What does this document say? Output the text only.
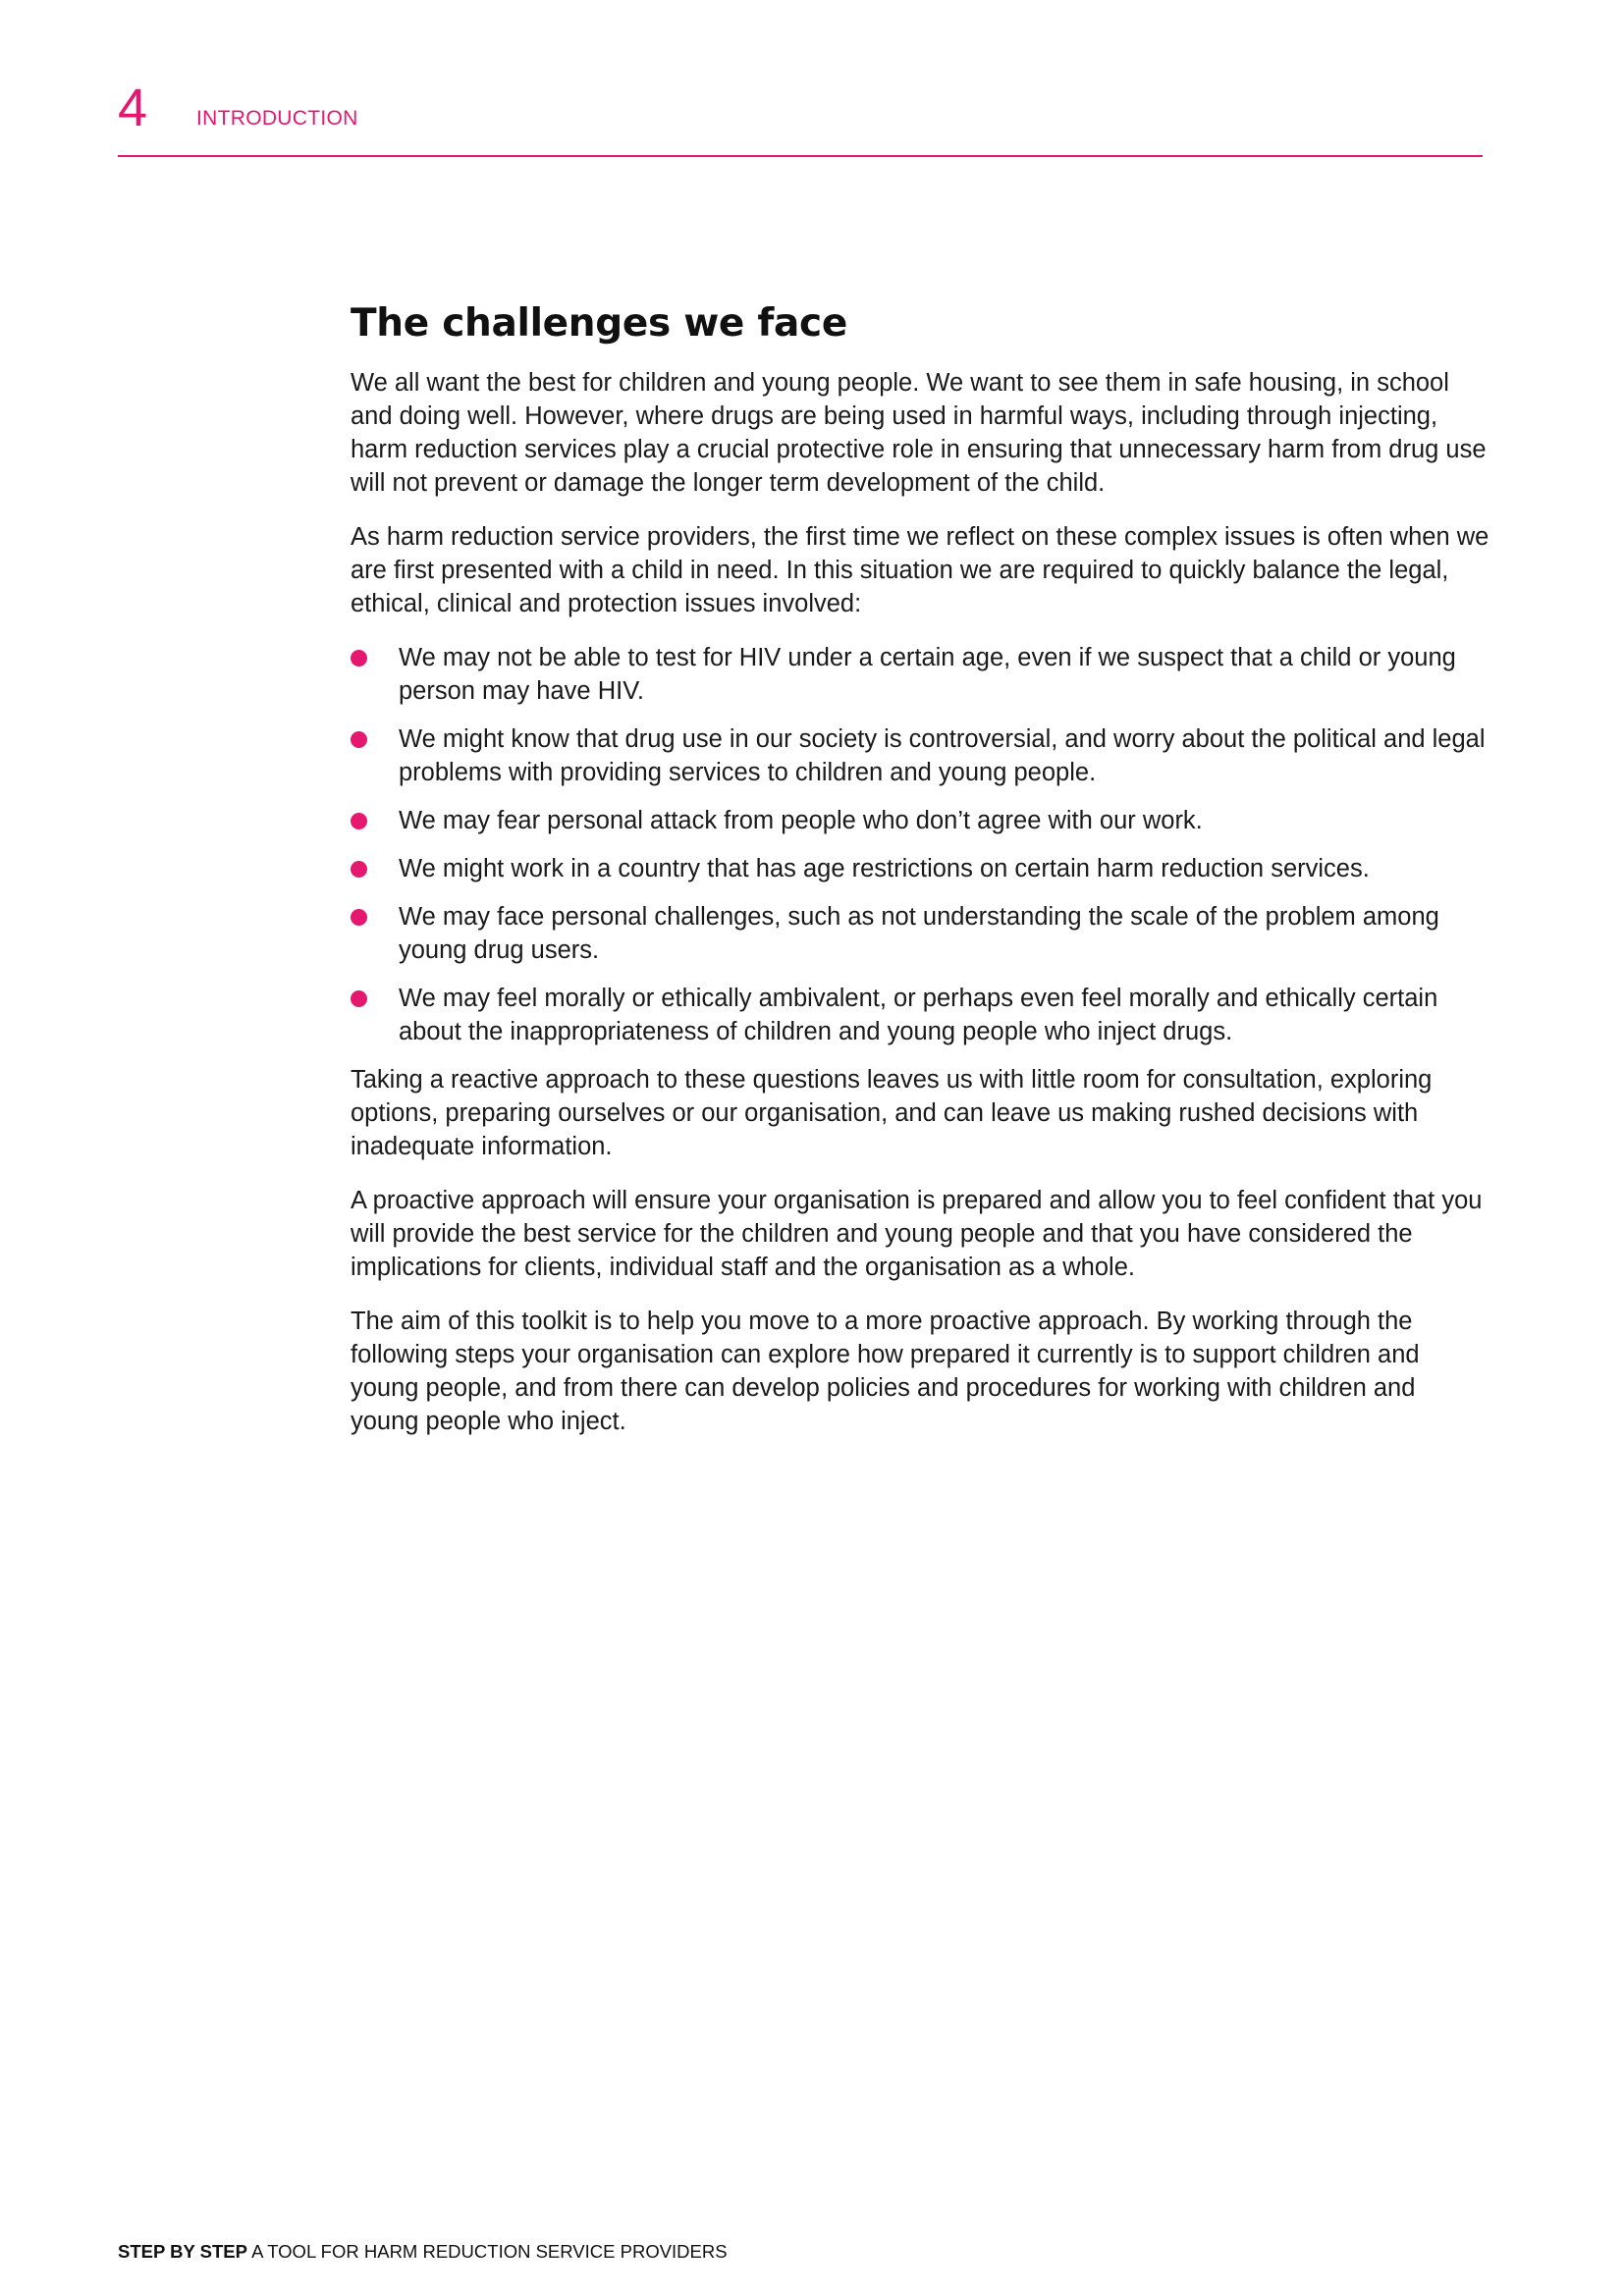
4 INTRODUCTION
The challenges we face

We all want the best for children and young people. We want to see them in safe housing, in school and doing well. However, where drugs are being used in harmful ways, including through injecting, harm reduction services play a crucial protective role in ensuring that unnecessary harm from drug use will not prevent or damage the longer term development of the child.

As harm reduction service providers, the first time we reflect on these complex issues is often when we are first presented with a child in need. In this situation we are required to quickly balance the legal, ethical, clinical and protection issues involved:

We may not be able to test for HIV under a certain age, even if we suspect that a child or young person may have HIV.
We might know that drug use in our society is controversial, and worry about the political and legal problems with providing services to children and young people.
We may fear personal attack from people who don’t agree with our work.
We might work in a country that has age restrictions on certain harm reduction services.
We may face personal challenges, such as not understanding the scale of the problem among young drug users.
We may feel morally or ethically ambivalent, or perhaps even feel morally and ethically certain about the inappropriateness of children and young people who inject drugs.

Taking a reactive approach to these questions leaves us with little room for consultation, exploring options, preparing ourselves or our organisation, and can leave us making rushed decisions with inadequate information.

A proactive approach will ensure your organisation is prepared and allow you to feel confident that you will provide the best service for the children and young people and that you have considered the implications for clients, individual staff and the organisation as a whole.

The aim of this toolkit is to help you move to a more proactive approach. By working through the following steps your organisation can explore how prepared it currently is to support children and young people, and from there can develop policies and procedures for working with children and young people who inject.

STEP BY STEP A TOOL FOR HARM REDUCTION SERVICE PROVIDERS
